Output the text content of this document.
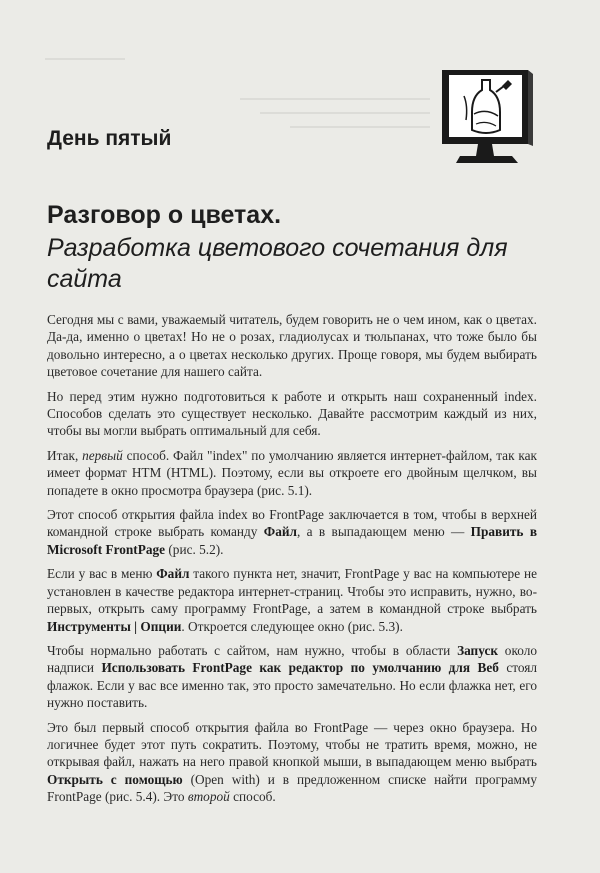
День пятый
Разговор о цветах.
Разработка цветового сочетания для сайта

Сегодня мы с вами, уважаемый читатель, будем говорить не о чем ином, как о цветах. Да-да, именно о цветах! Но не о розах, гладиолусах и тюльпанах, что тоже было бы довольно интересно, а о цветах несколько других. Проще говоря, мы будем выбирать цветовое сочетание для нашего сайта.

Но перед этим нужно подготовиться к работе и открыть наш сохраненный index. Способов сделать это существует несколько. Давайте рассмотрим каждый из них, чтобы вы могли выбрать оптимальный для себя.

Итак, первый способ. Файл "index" по умолчанию является интернет-файлом, так как имеет формат HTM (HTML). Поэтому, если вы откроете его двойным щелчком, вы попадете в окно просмотра браузера (рис. 5.1).

Этот способ открытия файла index во FrontPage заключается в том, чтобы в верхней командной строке выбрать команду Файл, а в выпадающем меню — Править в Microsoft FrontPage (рис. 5.2).

Если у вас в меню Файл такого пункта нет, значит, FrontPage у вас на компьютере не установлен в качестве редактора интернет-страниц. Чтобы это исправить, нужно, во-первых, открыть саму программу FrontPage, а затем в командной строке выбрать Инструменты | Опции. Откроется следующее окно (рис. 5.3).

Чтобы нормально работать с сайтом, нам нужно, чтобы в области Запуск около надписи Использовать FrontPage как редактор по умолчанию для Веб стоял флажок. Если у вас все именно так, это просто замечательно. Но если флажка нет, его нужно поставить.

Это был первый способ открытия файла во FrontPage — через окно браузера. Но логичнее будет этот путь сократить. Поэтому, чтобы не тратить время, можно, не открывая файл, нажать на него правой кнопкой мыши, в выпадающем меню выбрать Открыть с помощью (Open with) и в предложенном списке найти программу FrontPage (рис. 5.4). Это второй способ.
